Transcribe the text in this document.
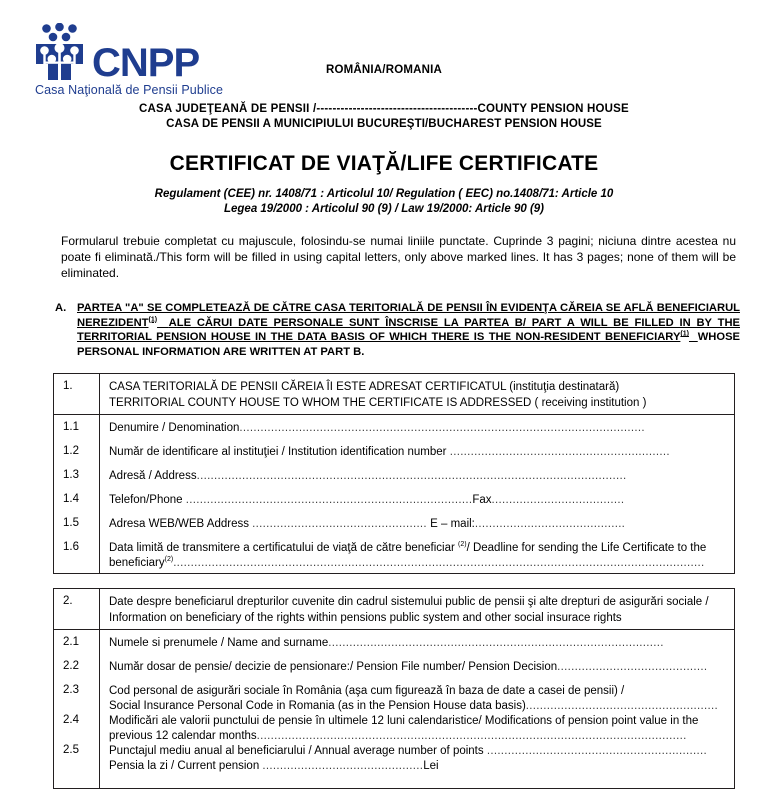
CNPP
Casa Naţională de Pensii Publice
ROMÂNIA/ROMANIA
CASA JUDEŢEANĂ DE PENSII /----------------------------------------COUNTY PENSION HOUSE
CASA DE PENSII A MUNICIPIULUI BUCUREŞTI/BUCHAREST PENSION HOUSE
CERTIFICAT DE VIAŢĂ/LIFE CERTIFICATE
Regulament (CEE) nr. 1408/71 : Articolul 10/ Regulation ( EEC) no.1408/71: Article 10
Legea 19/2000 : Articolul 90 (9) / Law 19/2000: Article 90 (9)
Formularul trebuie completat cu majuscule, folosindu-se numai liniile punctate. Cuprinde 3 pagini; niciuna dintre acestea nu poate fi eliminată./This form will be filled in using capital letters, only above marked lines. It has 3 pages; none of them will be eliminated.
A. PARTEA "A" SE COMPLETEAZĂ DE CĂTRE CASA TERITORIALĂ DE PENSII ÎN EVIDENŢA CĂREIA SE AFLĂ BENEFICIARUL NEREZIDENT$^{(1)}$ ALE CĂRUI DATE PERSONALE SUNT ÎNSCRISE LA PARTEA B/ PART A WILL BE FILLED IN BY THE TERRITORIAL PENSION HOUSE IN THE DATA BASIS OF WHICH THERE IS THE NON-RESIDENT BENEFICIARY$^{(1)}$ WHOSE PERSONAL INFORMATION ARE WRITTEN AT PART B.
1.
1.1
1.2
1.3
1.4
1.5
1.6
CASA TERITORIALĂ DE PENSII CĂREIA ÎI ESTE ADRESAT CERTIFICATUL (instituţia destinatară)
TERRITORIAL COUNTY HOUSE TO WHOM THE CERTIFICATE IS ADDRESSED ( receiving institution )
Denumire / Denomination....................................................................................................................
Număr de identificare al instituţiei / Institution identification number ...............................................................
Adresă / Address...........................................................................................................................
Telefon/Phone ..................................................................................Fax......................................
Adresa WEB/WEB Address .................................................. E – mail:...........................................
Data limită de transmitere a certificatului de viaţă de către beneficiar $^{(2)}$/ Deadline for sending the Life Certificate to the
beneficiary$^{(2)}$........................................................................................................................................................
2.
2.1
2.2
2.3
2.4
2.5
Date despre beneficiarul drepturilor cuvenite din cadrul sistemului public de pensii şi alte drepturi de asigurări sociale /
Information on beneficiary of the rights within pensions public system and other social insurace rights
Numele si prenumele / Name and surname................................................................................................
Număr dosar de pensie/ decizie de pensionare:/ Pension File number/ Pension Decision...........................................
Cod personal de asigurări sociale în România (aşa cum figurează în baza de date a casei de pensii) /
Social Insurance Personal Code in Romania (as in the Pension House data basis).......................................................
Modificări ale valorii punctului de pensie în ultimele 12 luni calendaristice/ Modifications of pension point value in the previous 12 calendar months...........................................................................................................................
Punctajul mediu anual al beneficiarului / Annual average number of points ...............................................................
Pensia la zi / Current pension ..............................................Lei
